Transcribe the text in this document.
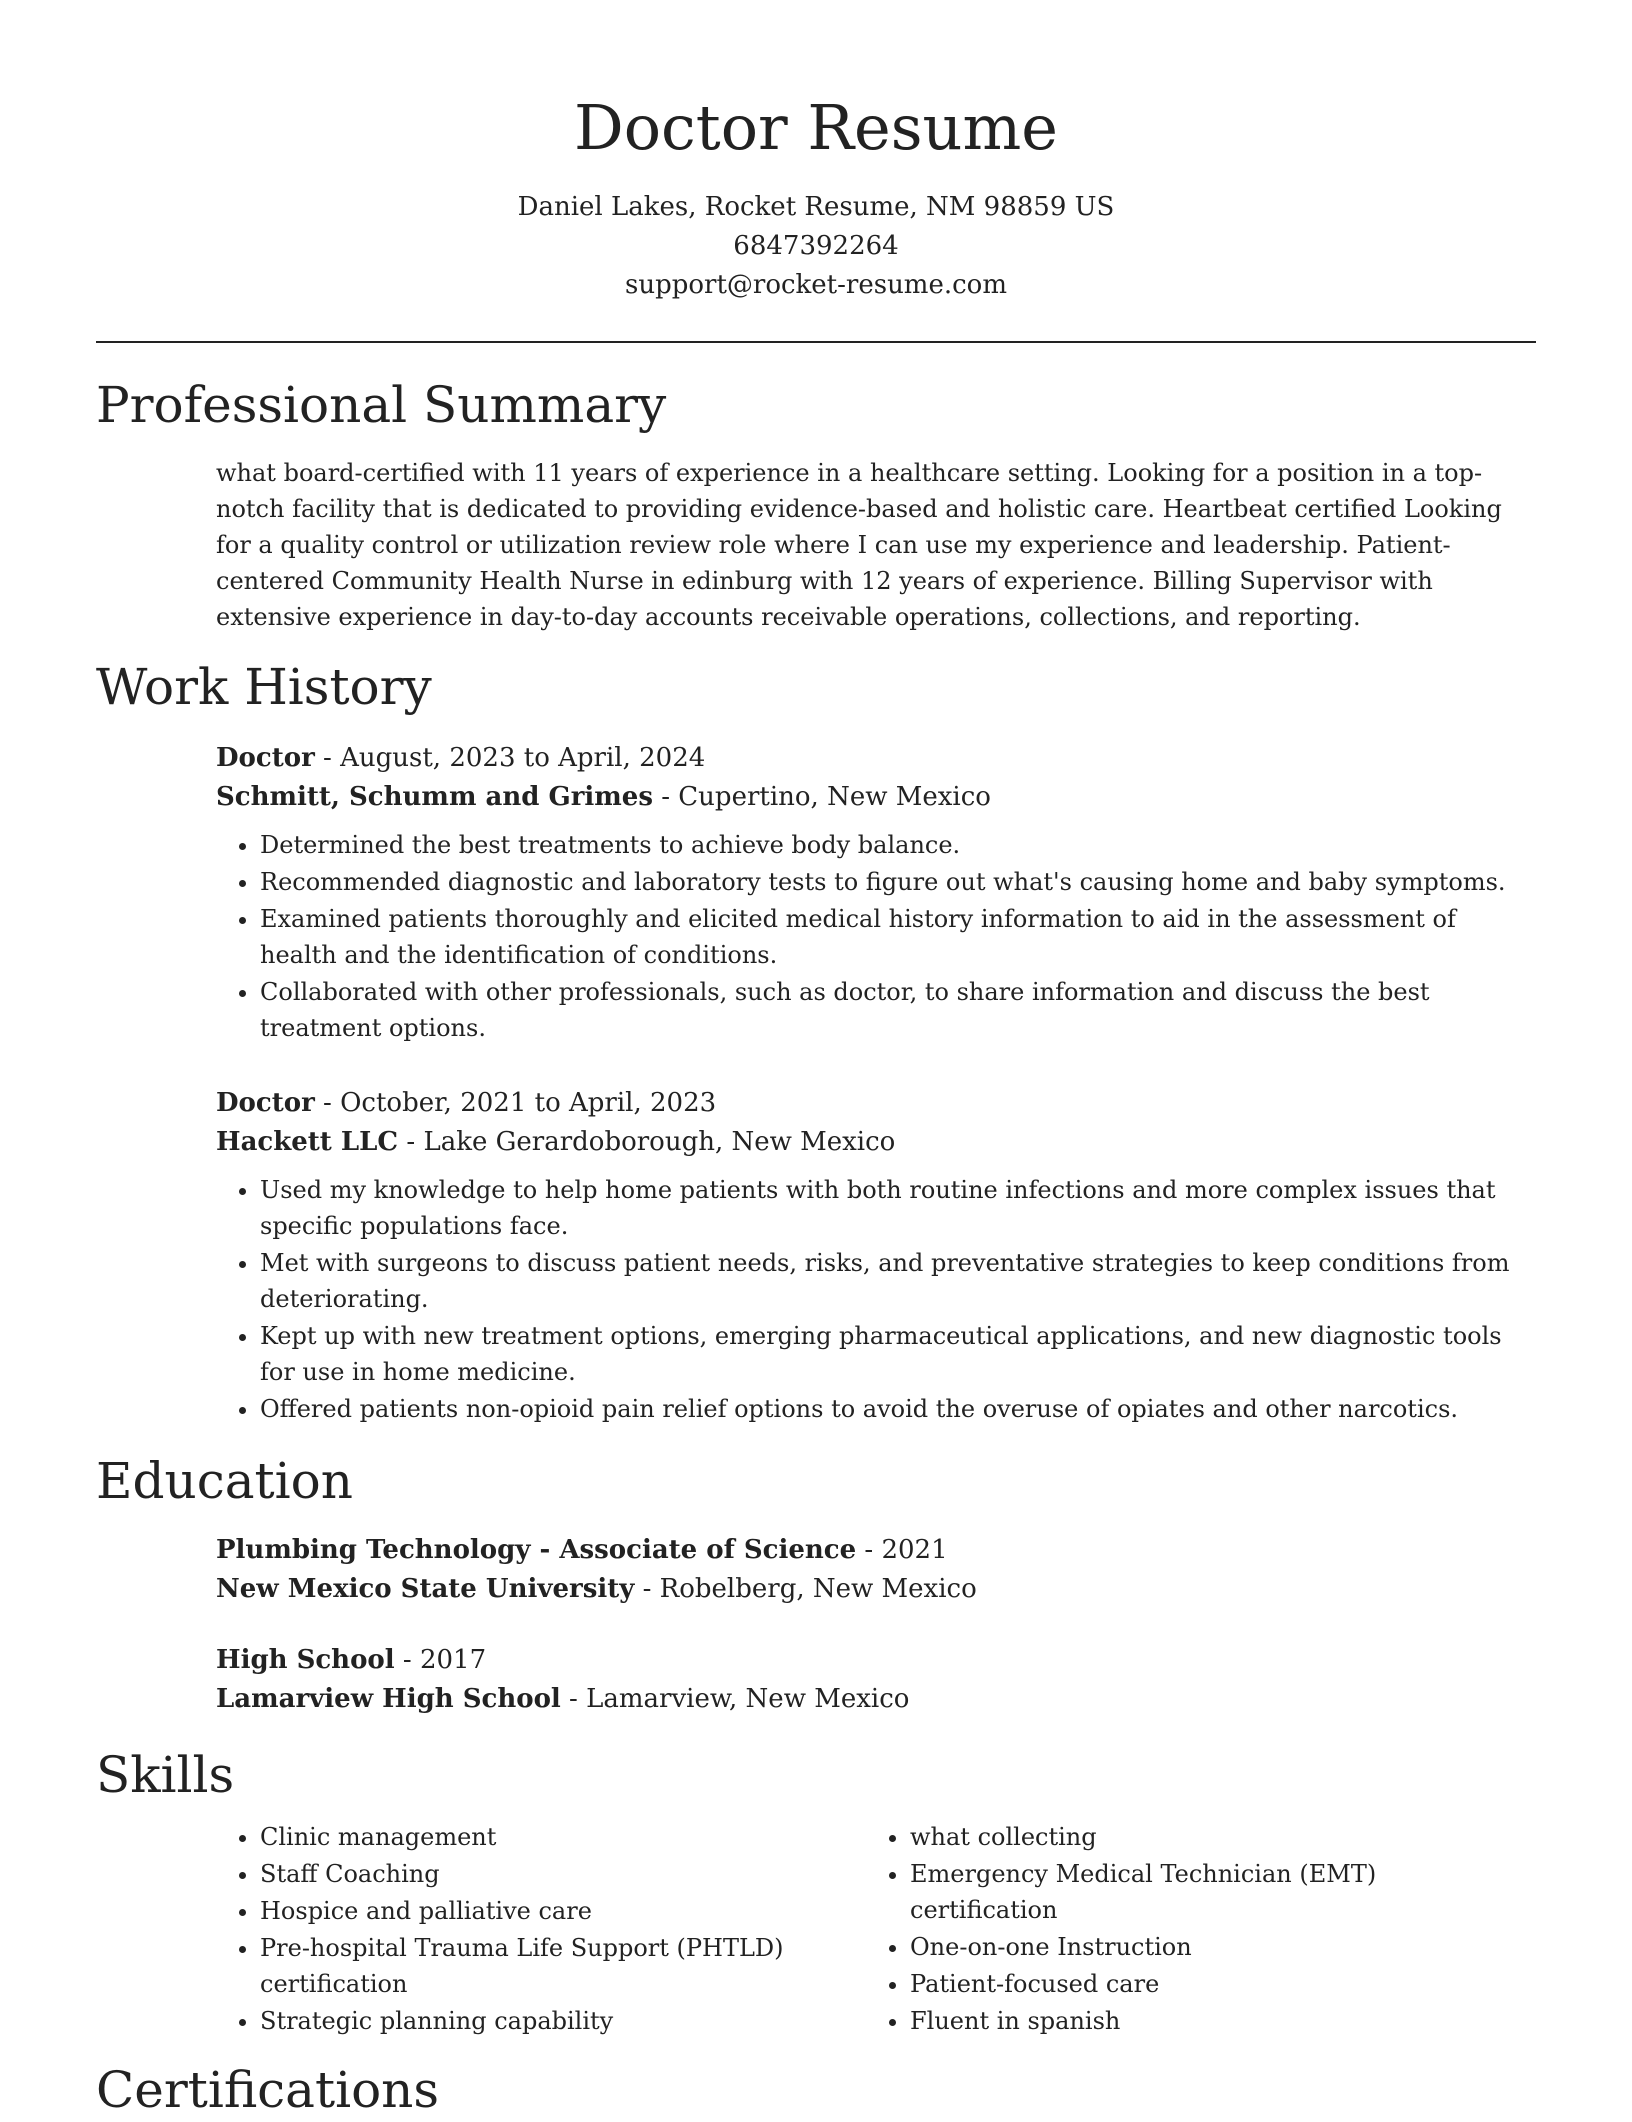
Doctor Resume
Daniel Lakes, Rocket Resume, NM 98859 US
6847392264
support@rocket-resume.com
Professional Summary
what board-certified with 11 years of experience in a healthcare setting. Looking for a position in a top-notch facility that is dedicated to providing evidence-based and holistic care. Heartbeat certified Looking for a quality control or utilization review role where I can use my experience and leadership. Patient-centered Community Health Nurse in edinburg with 12 years of experience. Billing Supervisor with extensive experience in day-to-day accounts receivable operations, collections, and reporting.
Work History
Doctor - August, 2023 to April, 2024
Schmitt, Schumm and Grimes - Cupertino, New Mexico
• Determined the best treatments to achieve body balance.
• Recommended diagnostic and laboratory tests to figure out what's causing home and baby symptoms.
• Examined patients thoroughly and elicited medical history information to aid in the assessment of health and the identification of conditions.
• Collaborated with other professionals, such as doctor, to share information and discuss the best treatment options.
Doctor - October, 2021 to April, 2023
Hackett LLC - Lake Gerardoborough, New Mexico
• Used my knowledge to help home patients with both routine infections and more complex issues that specific populations face.
• Met with surgeons to discuss patient needs, risks, and preventative strategies to keep conditions from deteriorating.
• Kept up with new treatment options, emerging pharmaceutical applications, and new diagnostic tools for use in home medicine.
• Offered patients non-opioid pain relief options to avoid the overuse of opiates and other narcotics.
Education
Plumbing Technology - Associate of Science - 2021
New Mexico State University - Robelberg, New Mexico
High School - 2017
Lamarview High School - Lamarview, New Mexico
Skills
• Clinic management
• Staff Coaching
• Hospice and palliative care
• Pre-hospital Trauma Life Support (PHTLD) certification
• Strategic planning capability
• what collecting
• Emergency Medical Technician (EMT) certification
• One-on-one Instruction
• Patient-focused care
• Fluent in spanish
Certifications
